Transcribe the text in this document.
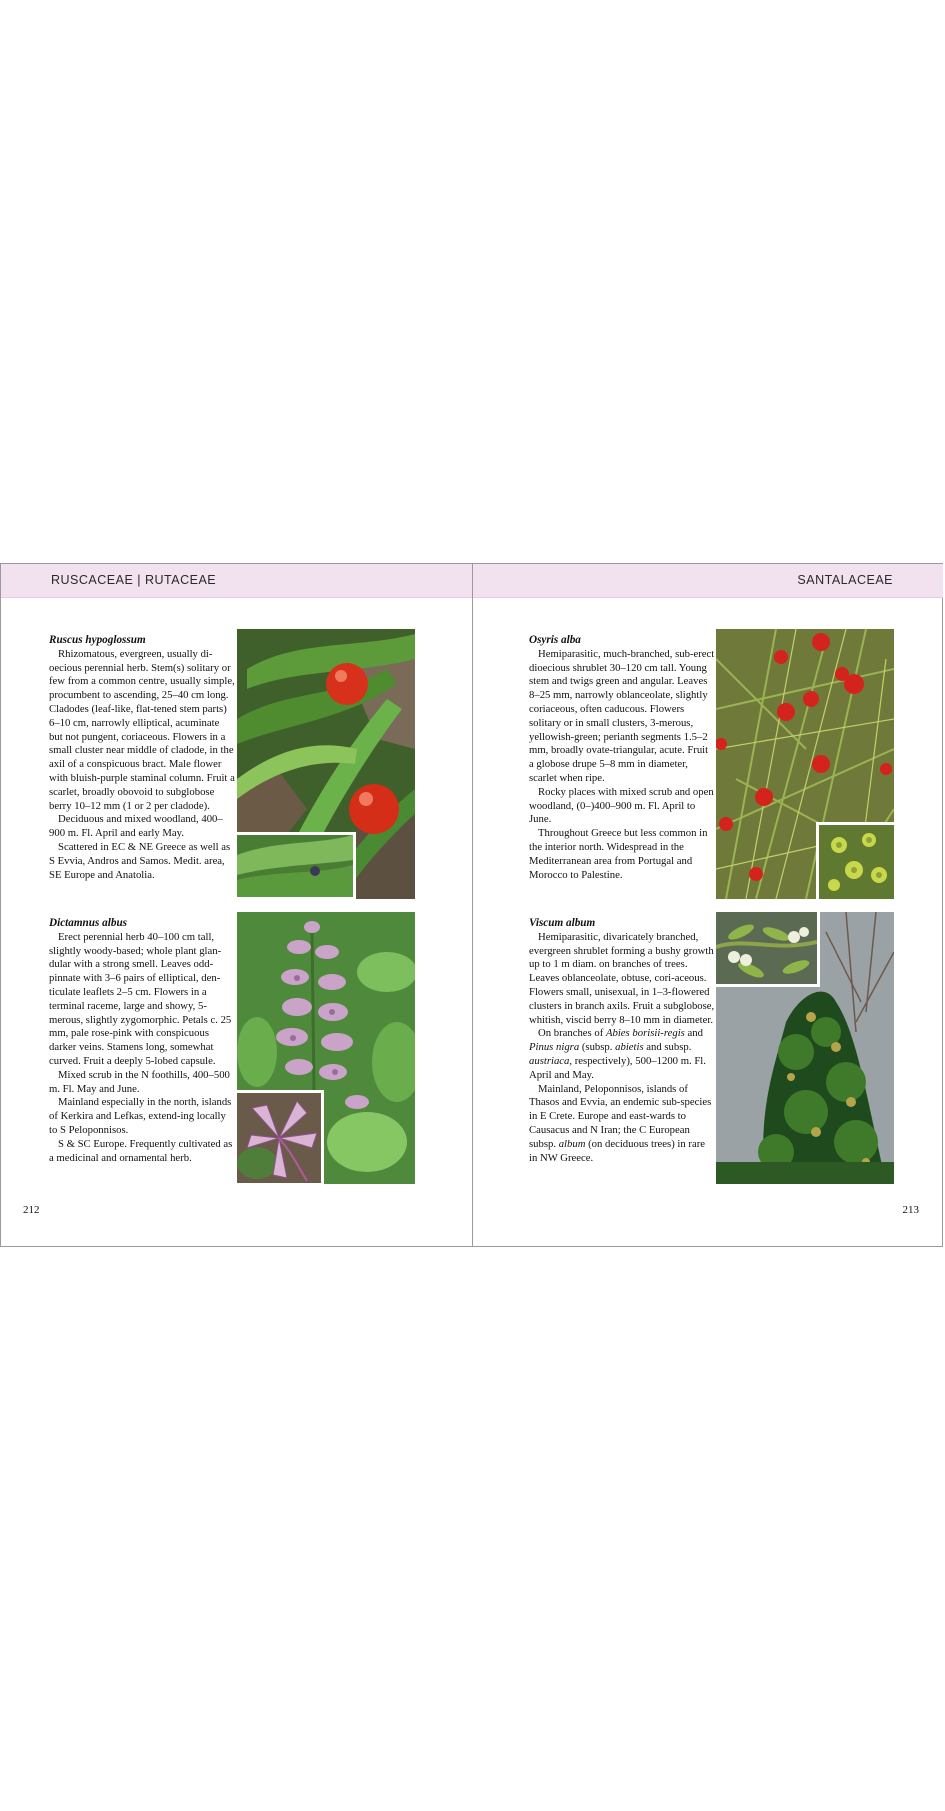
RUSCACEAE | RUTACEAE
Ruscus hypoglossum

Rhizomatous, evergreen, usually di-oecious perennial herb. Stem(s) solitary or few from a common centre, usually simple, procumbent to ascending, 25–40 cm long. Cladodes (leaf-like, flat-tened stem parts) 6–10 cm, narrowly elliptical, acuminate but not pungent, coriaceous. Flowers in a small cluster near middle of cladode, in the axil of a conspicuous bract. Male flower with bluish-purple staminal column. Fruit a scarlet, broadly obovoid to subglobose berry 10–12 mm (1 or 2 per cladode).

Deciduous and mixed woodland, 400–900 m. Fl. April and early May.

Scattered in EC & NE Greece as well as S Evvia, Andros and Samos. Medit. area, SE Europe and Anatolia.

Dictamnus albus

Erect perennial herb 40–100 cm tall, slightly woody-based; whole plant glan-dular with a strong smell. Leaves odd-pinnate with 3–6 pairs of elliptical, den-ticulate leaflets 2–5 cm. Flowers in a terminal raceme, large and showy, 5-merous, slightly zygomorphic. Petals c. 25 mm, pale rose-pink with conspicuous darker veins. Stamens long, somewhat curved. Fruit a deeply 5-lobed capsule.

Mixed scrub in the N foothills, 400–500 m. Fl. May and June.

Mainland especially in the north, islands of Kerkira and Lefkas, extend-ing locally to S Peloponnisos.

S & SC Europe. Frequently cultivated as a medicinal and ornamental herb.

212
SANTALACEAE
Osyris alba

Hemiparasitic, much-branched, sub-erect dioecious shrublet 30–120 cm tall. Young stem and twigs green and angular. Leaves 8–25 mm, narrowly oblanceolate, slightly coriaceous, often caducous. Flowers solitary or in small clusters, 3-merous, yellowish-green; perianth segments 1.5–2 mm, broadly ovate-triangular, acute. Fruit a globose drupe 5–8 mm in diameter, scarlet when ripe.

Rocky places with mixed scrub and open woodland, (0–)400–900 m. Fl. April to June.

Throughout Greece but less common in the interior north. Widespread in the Mediterranean area from Portugal and Morocco to Palestine.

Viscum album

Hemiparasitic, divaricately branched, evergreen shrublet forming a bushy growth up to 1 m diam. on branches of trees. Leaves oblanceolate, obtuse, cori-aceous. Flowers small, unisexual, in 1–3-flowered clusters in branch axils. Fruit a subglobose, whitish, viscid berry 8–10 mm in diameter.

On branches of Abies borisii-regis and Pinus nigra (subsp. abietis and subsp. austriaca, respectively), 500–1200 m. Fl. April and May.

Mainland, Peloponnisos, islands of Thasos and Evvia, an endemic sub-species in E Crete. Europe and east-wards to Causacus and N Iran; the C European subsp. album (on deciduous trees) in rare in NW Greece.

213
